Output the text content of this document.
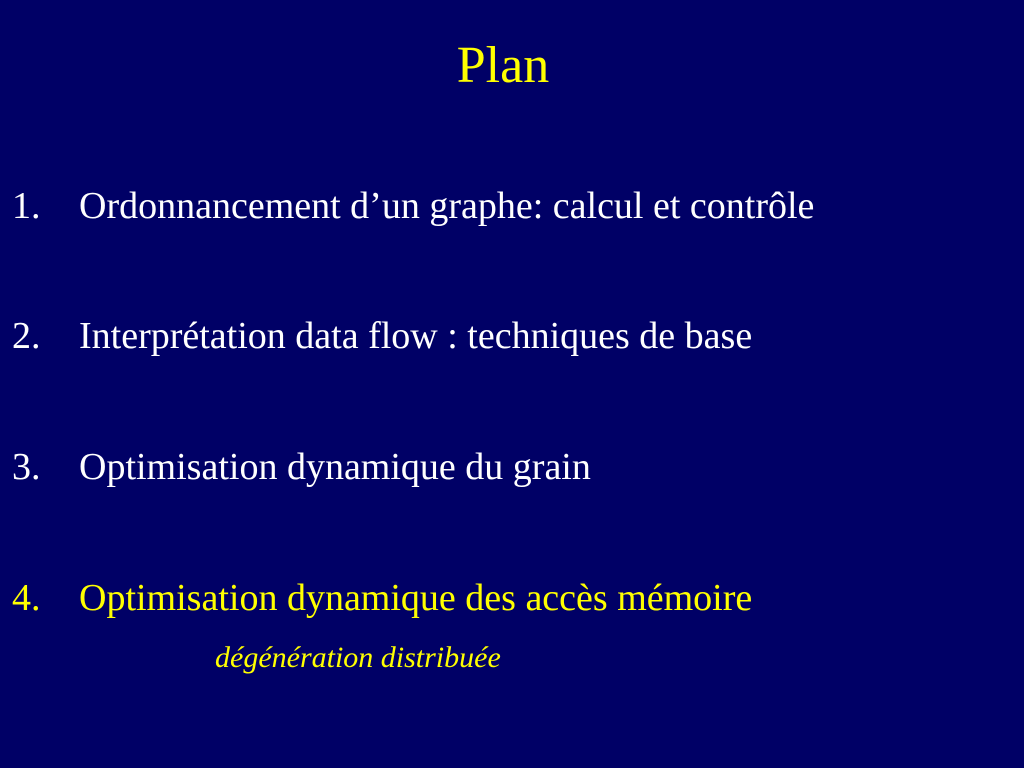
Plan
1. Ordonnancement d’un graphe: calcul et contrôle
2. Interprétation data flow : techniques de base
3. Optimisation dynamique du grain
4. Optimisation dynamique des accès mémoire
dégénération distribuée
